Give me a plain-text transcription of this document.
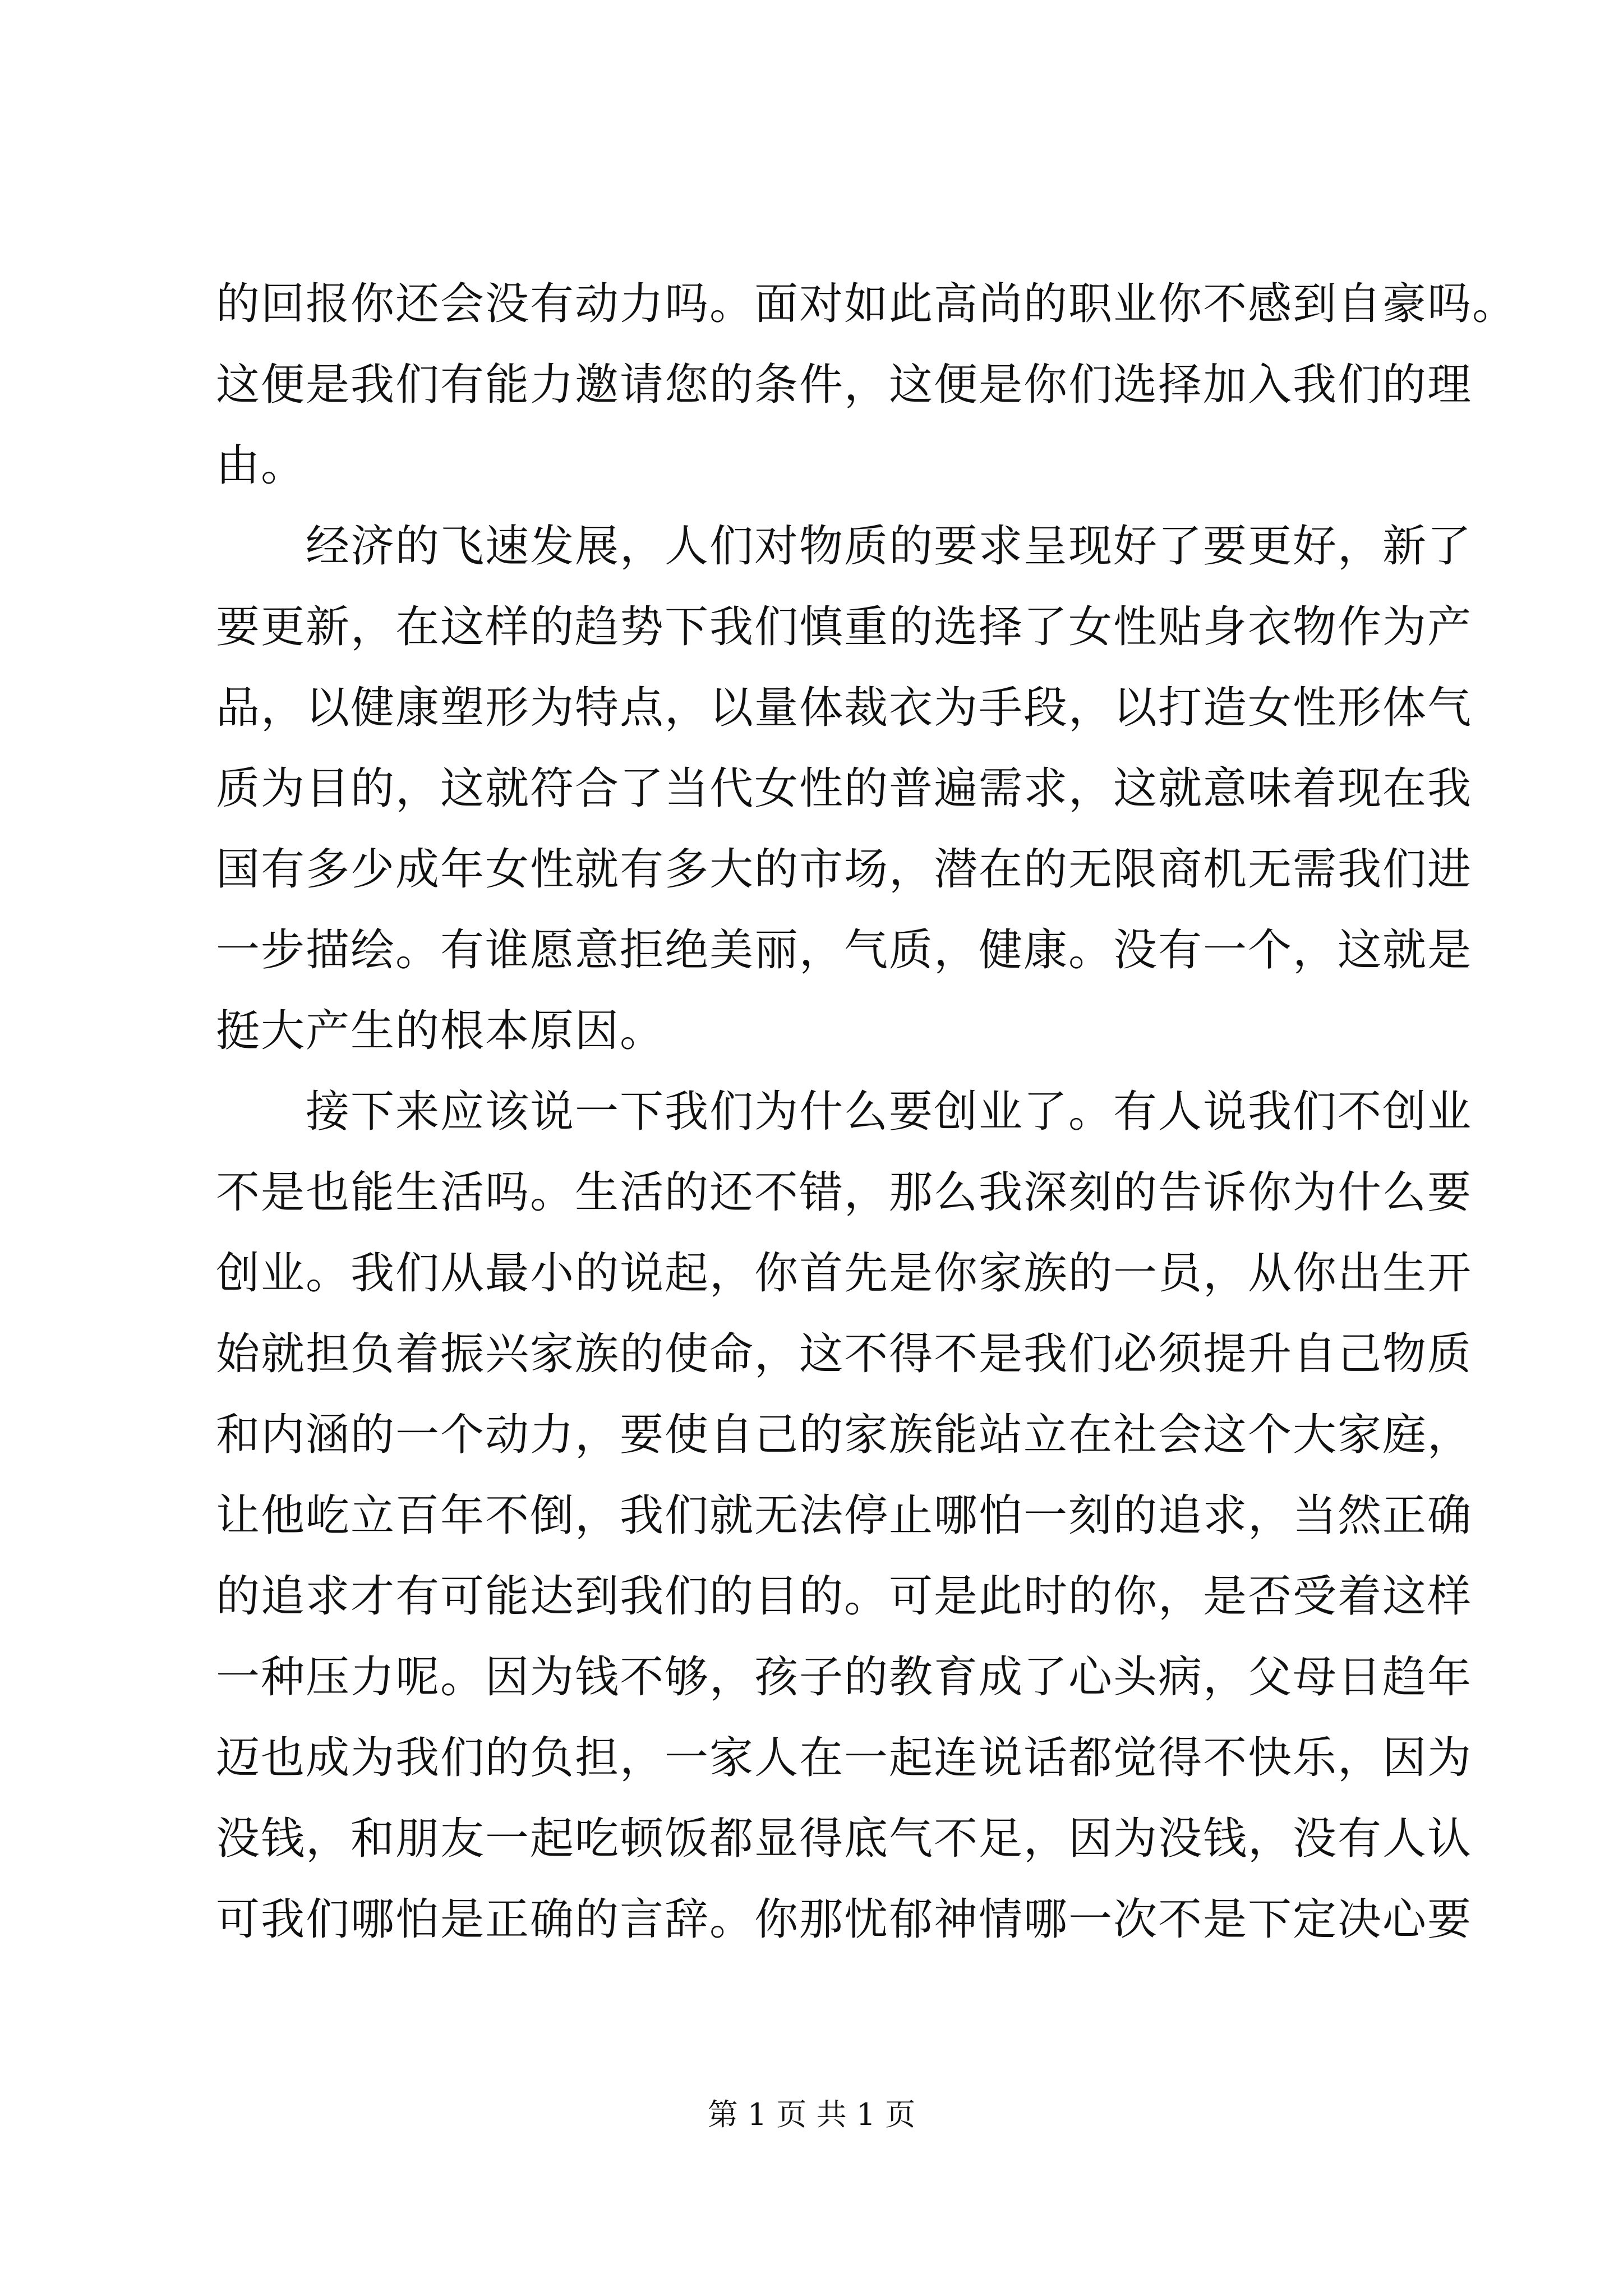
的回报你还会没有动力吗。面对如此高尚的职业你不感到自豪吗。
这便是我们有能力邀请您的条件，这便是你们选择加入我们的理
由。
　　经济的飞速发展，人们对物质的要求呈现好了要更好，新了
要更新，在这样的趋势下我们慎重的选择了女性贴身衣物作为产
品，以健康塑形为特点，以量体裁衣为手段，以打造女性形体气
质为目的，这就符合了当代女性的普遍需求，这就意味着现在我
国有多少成年女性就有多大的市场，潜在的无限商机无需我们进
一步描绘。有谁愿意拒绝美丽，气质，健康。没有一个，这就是
挺大产生的根本原因。
　　接下来应该说一下我们为什么要创业了。有人说我们不创业
不是也能生活吗。生活的还不错，那么我深刻的告诉你为什么要
创业。我们从最小的说起，你首先是你家族的一员，从你出生开
始就担负着振兴家族的使命，这不得不是我们必须提升自己物质
和内涵的一个动力，要使自己的家族能站立在社会这个大家庭，
让他屹立百年不倒，我们就无法停止哪怕一刻的追求，当然正确
的追求才有可能达到我们的目的。可是此时的你，是否受着这样
一种压力呢。因为钱不够，孩子的教育成了心头病，父母日趋年
迈也成为我们的负担，一家人在一起连说话都觉得不快乐，因为
没钱，和朋友一起吃顿饭都显得底气不足，因为没钱，没有人认
可我们哪怕是正确的言辞。你那忧郁神情哪一次不是下定决心要
第 1 页 共 1 页
